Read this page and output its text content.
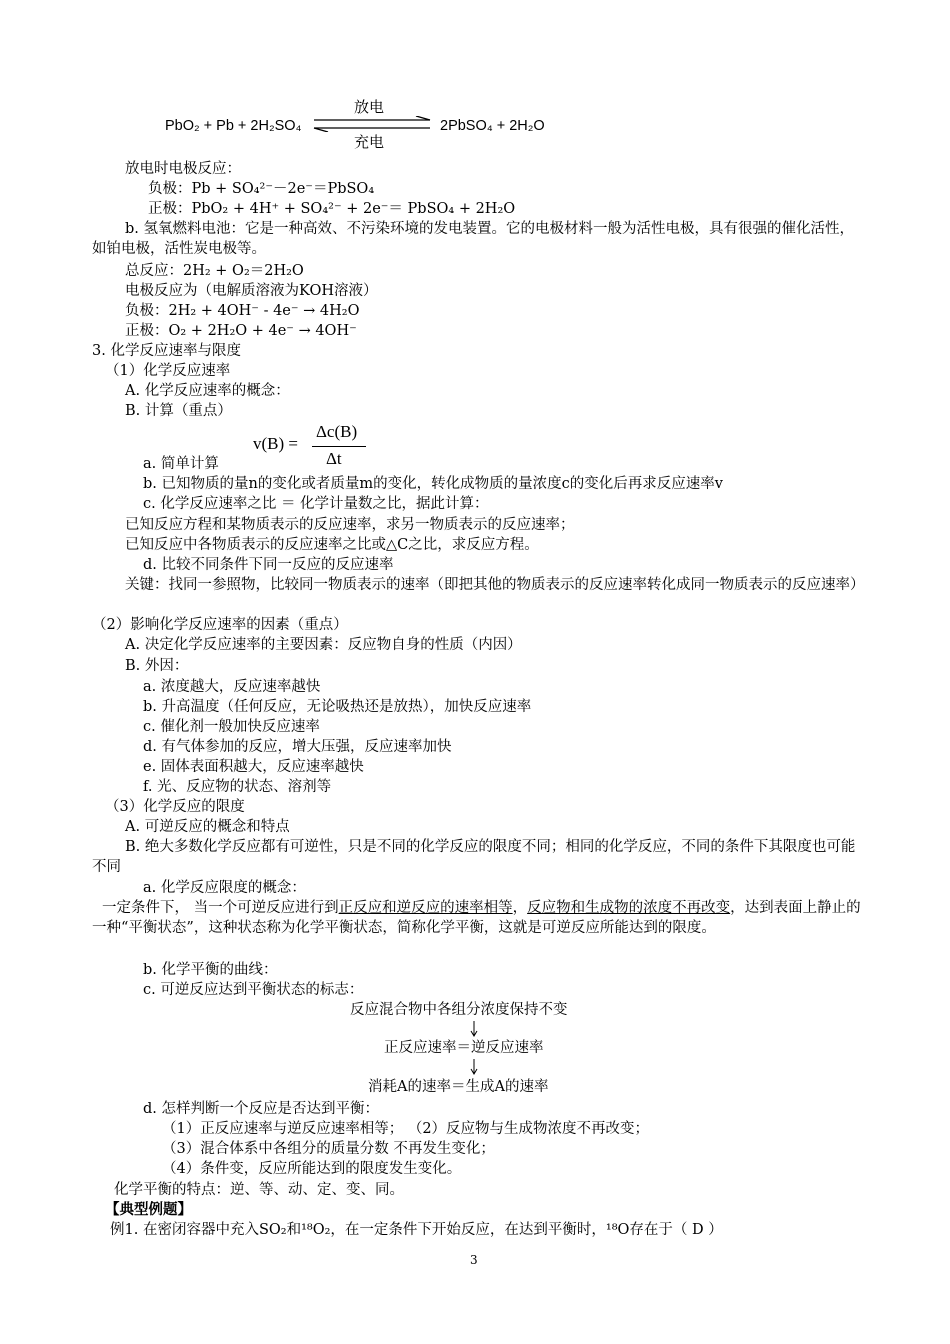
PbO₂ + Pb + 2H₂SO₄
放电
充电
2PbSO₄ + 2H₂O
放电时电极反应：
负极：Pb + SO₄²⁻－2e⁻＝PbSO₄
正极：PbO₂ + 4H⁺ + SO₄²⁻ + 2e⁻＝ PbSO₄ + 2H₂O
b. 氢氧燃料电池：它是一种高效、不污染环境的发电装置。它的电极材料一般为活性电极，具有很强的催化活性，如铂电极，活性炭电极等。
总反应：2H₂ + O₂＝2H₂O
电极反应为（电解质溶液为KOH溶液）
负极：2H₂ + 4OH⁻ - 4e⁻ → 4H₂O
正极：O₂ + 2H₂O + 4e⁻ → 4OH⁻
3. 化学反应速率与限度
（1）化学反应速率
A. 化学反应速率的概念：
B. 计算（重点）
v(B) =
Δc(B)
Δt
a. 简单计算
b. 已知物质的量n的变化或者质量m的变化，转化成物质的量浓度c的变化后再求反应速率v
c. 化学反应速率之比 ＝ 化学计量数之比，据此计算：
已知反应方程和某物质表示的反应速率，求另一物质表示的反应速率；
已知反应中各物质表示的反应速率之比或△C之比，求反应方程。
d. 比较不同条件下同一反应的反应速率
关键：找同一参照物，比较同一物质表示的速率（即把其他的物质表示的反应速率转化成同一物质表示的反应速率）
（2）影响化学反应速率的因素（重点）
A. 决定化学反应速率的主要因素：反应物自身的性质（内因）
B. 外因：
a. 浓度越大，反应速率越快
b. 升高温度（任何反应，无论吸热还是放热），加快反应速率
c. 催化剂一般加快反应速率
d. 有气体参加的反应，增大压强，反应速率加快
e. 固体表面积越大，反应速率越快
f. 光、反应物的状态、溶剂等
（3）化学反应的限度
A. 可逆反应的概念和特点
B. 绝大多数化学反应都有可逆性，只是不同的化学反应的限度不同；相同的化学反应，不同的条件下其限度也可能不同
a. 化学反应限度的概念：
一定条件下， 当一个可逆反应进行到正反应和逆反应的速率相等，反应物和生成物的浓度不再改变，达到表面上静止的一种“平衡状态”，这种状态称为化学平衡状态，简称化学平衡，这就是可逆反应所能达到的限度。
b. 化学平衡的曲线：
c. 可逆反应达到平衡状态的标志：
反应混合物中各组分浓度保持不变
正反应速率＝逆反应速率
消耗A的速率＝生成A的速率
d. 怎样判断一个反应是否达到平衡：
（1）正反应速率与逆反应速率相等； （2）反应物与生成物浓度不再改变；
（3）混合体系中各组分的质量分数 不再发生变化；
（4）条件变，反应所能达到的限度发生变化。
化学平衡的特点：逆、等、动、定、变、同。
【典型例题】
例1. 在密闭容器中充入SO₂和¹⁸O₂，在一定条件下开始反应，在达到平衡时，¹⁸O存在于（ D ）
3
